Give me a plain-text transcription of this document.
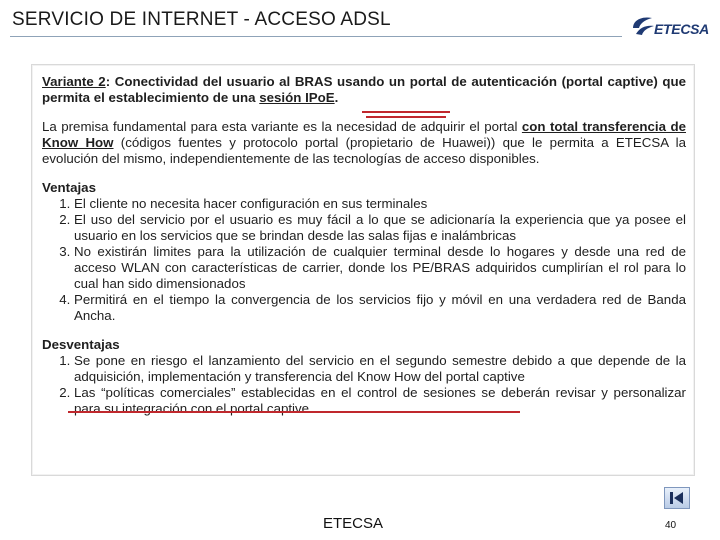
SERVICIO DE INTERNET - ACCESO ADSL	ETECSA

Variante 2: Conectividad del usuario al BRAS usando un portal de autenticación (portal captive) que permita el establecimiento de una sesión IPoE.

La premisa fundamental para esta variante es la necesidad de adquirir el portal con total transferencia de Know How (códigos fuentes y protocolo portal (propietario de Huawei)) que le permita a ETECSA la evolución del mismo, independientemente de las tecnologías de acceso disponibles.

Ventajas

1. El cliente no necesita hacer configuración en sus terminales
2. El uso del servicio por el usuario es muy fácil a lo que se adicionaría la experiencia que ya posee el usuario en los servicios que se brindan desde las salas fijas e inalámbricas
3. No existirán limites para la utilización de cualquier terminal desde lo hogares y desde una red de acceso WLAN con características de carrier, donde los PE/BRAS adquiridos cumplirían el rol para lo cual han sido dimensionados
4. Permitirá en el tiempo la convergencia de los servicios fijo y móvil en una verdadera red de Banda Ancha.

Desventajas

1. Se pone en riesgo el lanzamiento del servicio en el segundo semestre debido a que depende de la adquisición, implementación y transferencia del Know How del portal captive
2. Las “políticas comerciales” establecidas en el control de sesiones se deberán revisar y personalizar para su integración con el portal captive
ETECSA	40
